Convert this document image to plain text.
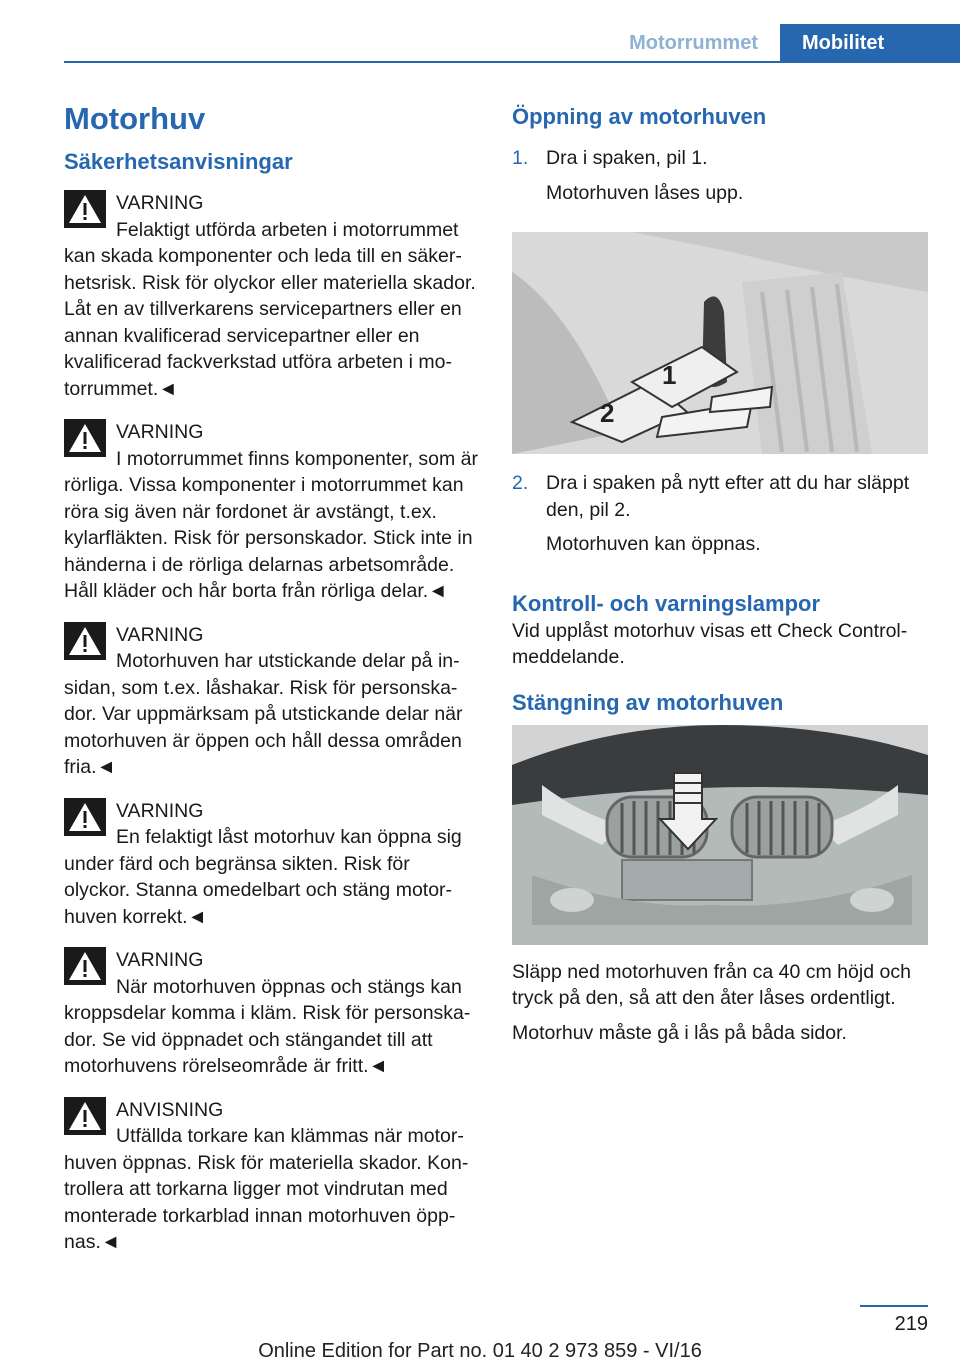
Motorrummet	Mobilitet
Motorhuv
Säkerhetsanvisningar
VARNING
Felaktigt utförda arbeten i motorrummet kan skada komponenter och leda till en säkerhetsrisk. Risk för olyckor eller materiella skador. Låt en av tillverkarens servicepartners eller en annan kvalificerad servicepartner eller en kvalificerad fackverkstad utföra arbeten i motorrummet.◄
VARNING
I motorrummet finns komponenter, som är rörliga. Vissa komponenter i motorrummet kan röra sig även när fordonet är avstängt, t.ex. kylarfläkten. Risk för personskador. Stick inte in händerna i de rörliga delarnas arbetsområde. Håll kläder och hår borta från rörliga delar.◄
VARNING
Motorhuven har utstickande delar på insidan, som t.ex. låshakar. Risk för personskador. Var uppmärksam på utstickande delar när motorhuven är öppen och håll dessa områden fria.◄
VARNING
En felaktigt låst motorhuv kan öppna sig under färd och begränsa sikten. Risk för olyckor. Stanna omedelbart och stäng motorhuven korrekt.◄
VARNING
När motorhuven öppnas och stängs kan kroppsdelar komma i kläm. Risk för personskador. Se vid öppnadet och stängandet till att motorhuvens rörelseområde är fritt.◄
ANVISNING
Utfällda torkare kan klämmas när motorhuven öppnas. Risk för materiella skador. Kontrollera att torkarna ligger mot vindrutan med monterade torkarblad innan motorhuven öppnas.◄
Öppning av motorhuven
1. Dra i spaken, pil 1.

Motorhuven låses upp.

2
1
2. Dra i spaken på nytt efter att du har släppt den, pil 2.

Motorhuven kan öppnas.

Kontroll- och varningslampor

Vid upplåst motorhuv visas ett Check Control-meddelande.

Stängning av motorhuven

Släpp ned motorhuven från ca 40 cm höjd och tryck på den, så att den åter låses ordentligt.

Motorhuv måste gå i lås på båda sidor.

219
Online Edition for Part no. 01 40 2 973 859 - VI/16
